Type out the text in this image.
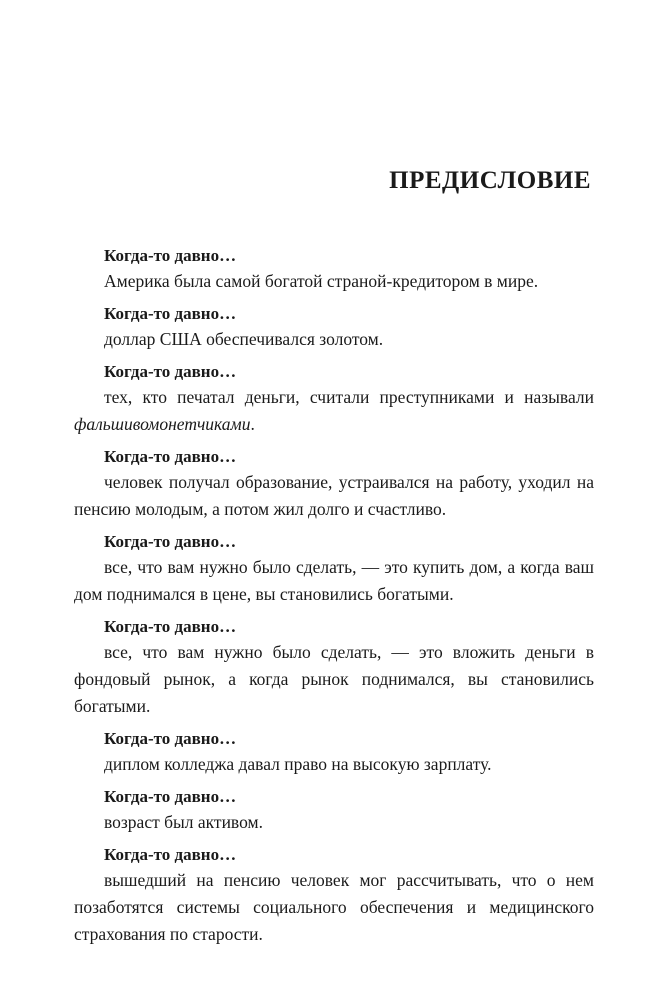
ПРЕДИСЛОВИЕ
Когда-то давно…
Америка была самой богатой страной-кредитором в мире.
Когда-то давно…
доллар США обеспечивался золотом.
Когда-то давно…
тех, кто печатал деньги, считали преступниками и называли фальшивомонетчиками.
Когда-то давно…
человек получал образование, устраивался на работу, уходил на пенсию молодым, а потом жил долго и счастливо.
Когда-то давно…
все, что вам нужно было сделать, — это купить дом, а когда ваш дом поднимался в цене, вы становились богатыми.
Когда-то давно…
все, что вам нужно было сделать, — это вложить деньги в фондовый рынок, а когда рынок поднимался, вы становились богатыми.
Когда-то давно…
диплом колледжа давал право на высокую зарплату.
Когда-то давно…
возраст был активом.
Когда-то давно…
вышедший на пенсию человек мог рассчитывать, что о нем позаботятся системы социального обеспечения и медицинского страхования по старости.
